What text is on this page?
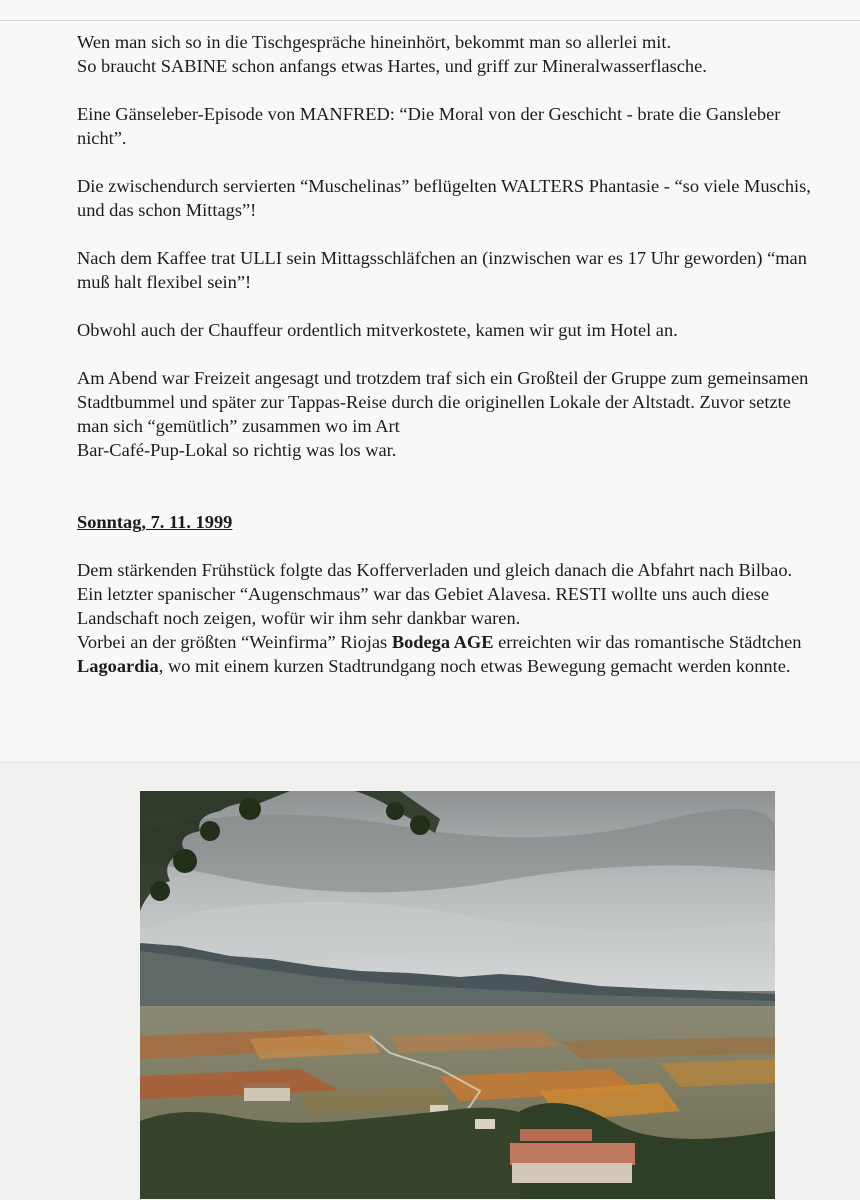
Wen man sich so in die Tischgespräche hineinhört, bekommt man so allerlei mit.
So braucht SABINE schon anfangs etwas Hartes, und griff zur Mineralwasserflasche.

Eine Gänseleber-Episode von MANFRED: “Die Moral von der Geschicht - brate die Gansleber nicht”.

Die zwischendurch servierten “Muschelinas” beflügelten WALTERS Phantasie - “so viele Muschis, und das schon Mittags”!

Nach dem Kaffee trat ULLI sein Mittagsschläfchen an (inzwischen war es 17 Uhr geworden) “man muß halt flexibel sein”!

Obwohl auch der Chauffeur ordentlich mitverkostete, kamen wir gut im Hotel an.

Am Abend war Freizeit angesagt und trotzdem traf sich ein Großteil der Gruppe zum gemeinsamen Stadtbummel und später zur Tappas-Reise durch die originellen Lokale der Altstadt. Zuvor setzte man sich “gemütlich” zusammen wo im Art
Bar-Café-Pup-Lokal so richtig was los war.

Sonntag, 7. 11. 1999

Dem stärkenden Frühstück folgte das Kofferverladen und gleich danach die Abfahrt nach Bilbao.

Ein letzter spanischer “Augenschmaus” war das Gebiet Alavesa. RESTI wollte uns auch diese Landschaft noch zeigen, wofür wir ihm sehr dankbar waren.

Vorbei an der größten “Weinfirma” Riojas Bodega AGE erreichten wir das romantische Städtchen Lagoardia, wo mit einem kurzen Stadtrundgang noch etwas Bewegung gemacht werden konnte.
